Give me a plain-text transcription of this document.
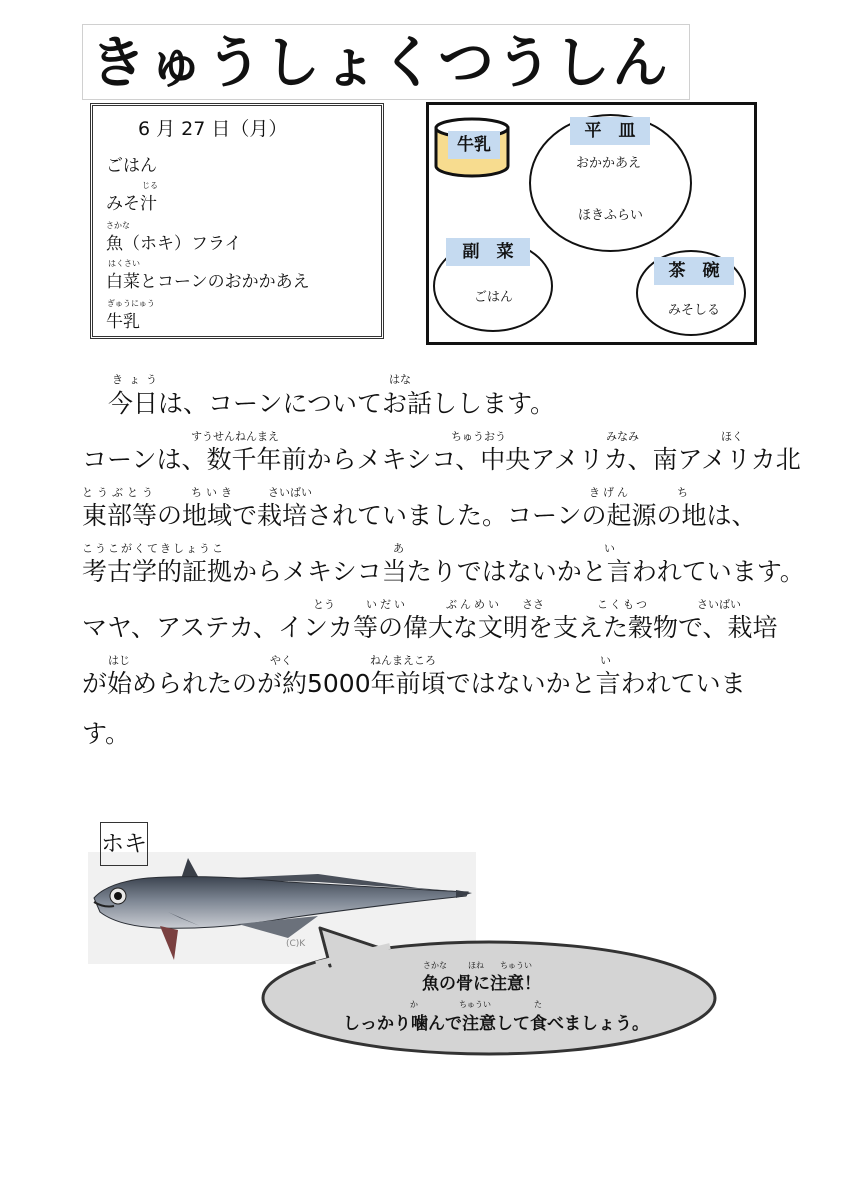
きゅうしょくつうしん
6 月 27 日（月）
ごはん
じる
みそ汁
さかな
魚（ホキ）フライ
はくさい
白菜とコーンのおかかあえ
ぎゅうにゅう
牛乳
牛乳
平　皿
おかかあえ
ほきふらい
副　菜
ごはん
茶　碗
みそしる
きょう	はな
今日は、コーンについてお話しします。
すうせんねんまえ	ちゅうおう	みなみ	ほく
コーンは、数千年前からメキシコ、中央アメリカ、南アメリカ北
とうぶとう	ちいき	さいばい	きげん	ち
東部等の地域で栽培されていました。コーンの起源の地は、
こうこがくてきしょうこ	あ	い
考古学的証拠からメキシコ当たりではないかと言われています。
とう	いだい	ぶんめい ささ	こくもつ	さいばい
マヤ、アステカ、インカ等の偉大な文明を支えた穀物で、栽培
はじ	やく	ねんまえころ	い
が始められたのが約5000年前頃ではないかと言われていま
す。
(C)K
ホキ
さかな	ほね ちゅうい
魚の骨に注意！
か	ちゅうい	た
しっかり噛んで注意して食べましょう。
